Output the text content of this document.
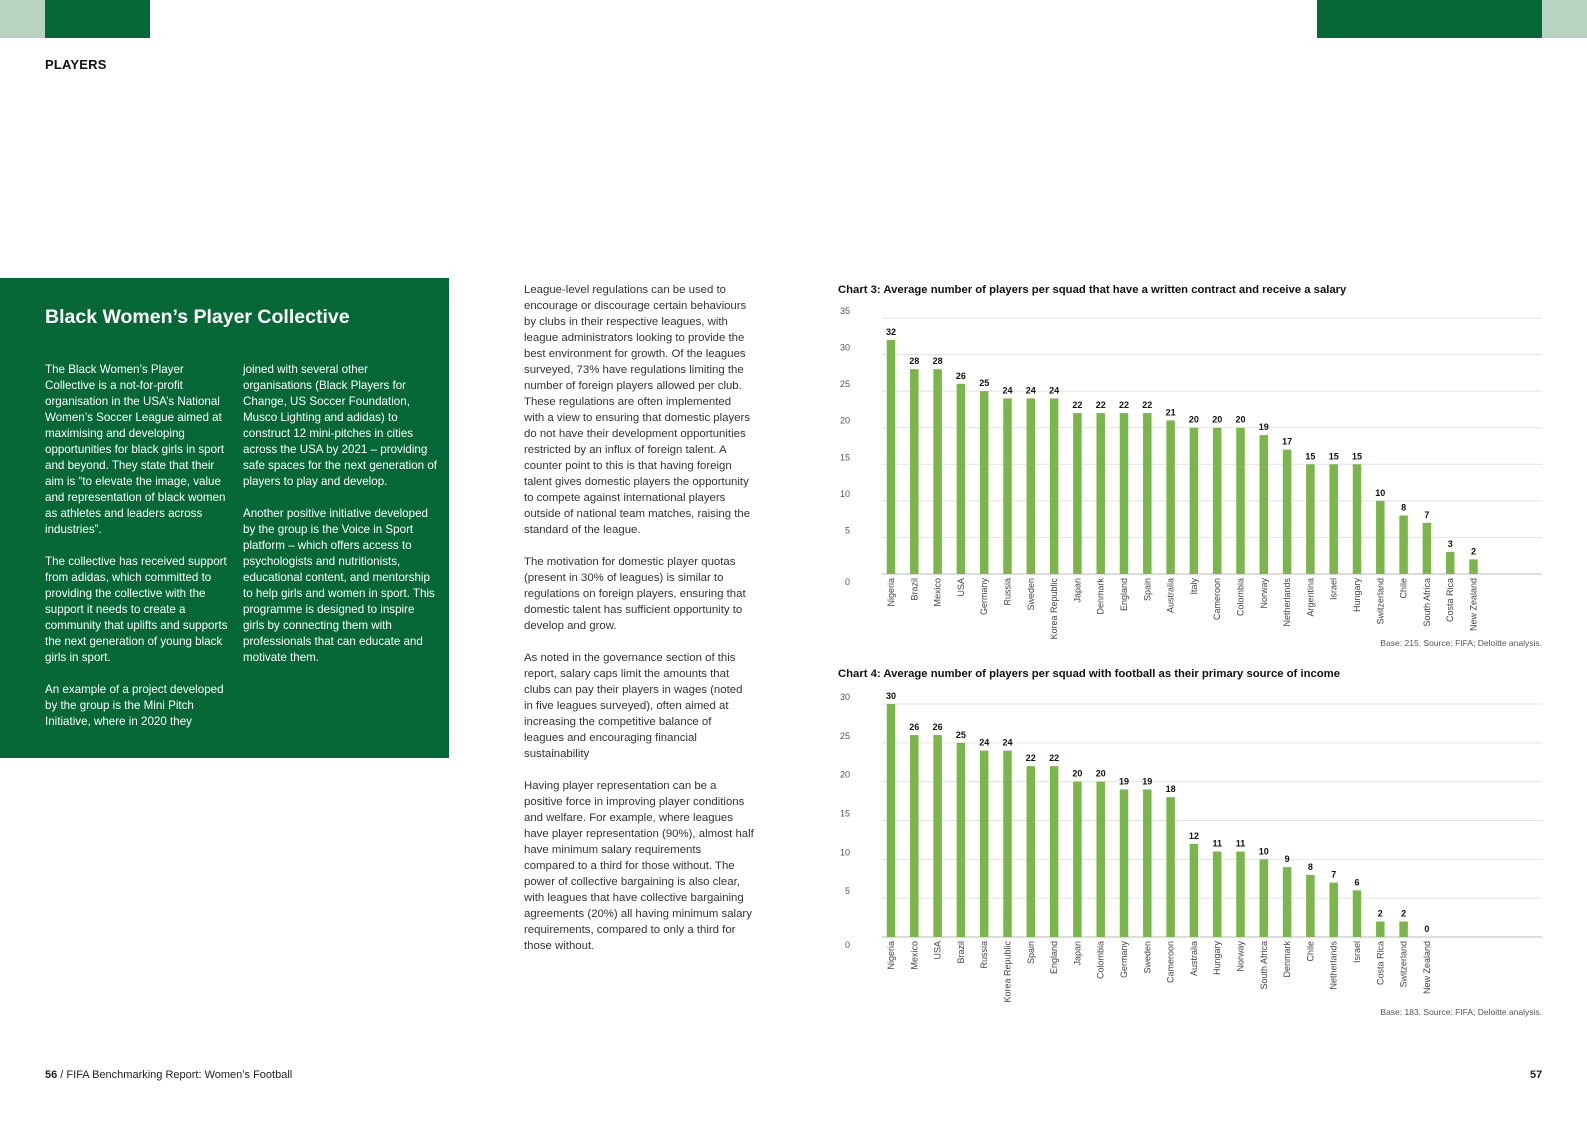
PLAYERS
Black Women’s Player Collective

The Black Women’s Player Collective is a not-for-profit organisation in the USA’s National Women’s Soccer League aimed at maximising and developing opportunities for black girls in sport and beyond. They state that their aim is “to elevate the image, value and representation of black women as athletes and leaders across industries”.

The collective has received support from adidas, which committed to providing the collective with the support it needs to create a community that uplifts and supports the next generation of young black girls in sport.

An example of a project developed by the group is the Mini Pitch Initiative, where in 2020 they

joined with several other organisations (Black Players for Change, US Soccer Foundation, Musco Lighting and adidas) to construct 12 mini-pitches in cities across the USA by 2021 – providing safe spaces for the next generation of players to play and develop.

Another positive initiative developed by the group is the Voice in Sport platform – which offers access to psychologists and nutritionists, educational content, and mentorship to help girls and women in sport. This programme is designed to inspire girls by connecting them with professionals that can educate and motivate them.

League-level regulations can be used to encourage or discourage certain behaviours by clubs in their respective leagues, with league administrators looking to provide the best environment for growth. Of the leagues surveyed, 73% have regulations limiting the number of foreign players allowed per club. These regulations are often implemented with a view to ensuring that domestic players do not have their development opportunities restricted by an influx of foreign talent. A counter point to this is that having foreign talent gives domestic players the opportunity to compete against international players outside of national team matches, raising the standard of the league.

The motivation for domestic player quotas (present in 30% of leagues) is similar to regulations on foreign players, ensuring that domestic talent has sufficient opportunity to develop and grow.

As noted in the governance section of this report, salary caps limit the amounts that clubs can pay their players in wages (noted in five leagues surveyed), often aimed at increasing the competitive balance of leagues and encouraging financial sustainability

Having player representation can be a positive force in improving player conditions and welfare. For example, where leagues have player representation (90%), almost half have minimum salary requirements compared to a third for those without. The power of collective bargaining is also clear, with leagues that have collective bargaining agreements (20%) all having minimum salary requirements, compared to only a third for those without.

Chart 3: Average number of players per squad that have a written contract and receive a salary
0
5
10
15
20
25
30
35
32
Nigeria
28
Brazil
28
Mexico
26
USA
25
Germany
24
Russia
24
Sweden
24
Korea Republic
22
Japan
22
Denmark
22
England
22
Spain
21
Australia
20
Italy
20
Cameroon
20
Colombia
19
Norway
17
Netherlands
15
Argentina
15
Israel
15
Hungary
10
Switzerland
8
Chile
7
South Africa
3
Costa Rica
2
New Zealand
Base: 215. Source: FIFA; Deloitte analysis.
Chart 4: Average number of players per squad with football as their primary source of income
0
5
10
15
20
25
30	30
Nigeria
26
Mexico
26
USA
25
Brazil
24
Russia
24
Korea Republic
22
Spain
22
England
20
Japan
20
Colombia
19
Germany
19
Sweden
18
Cameroon
12
Australia
11
Hungary
11
Norway
10
South Africa
9
Denmark
8
Chile
7
Netherlands
6
Israel
2
Costa Rica
2
Switzerland
0
New Zealand
Base: 183. Source: FIFA; Deloitte analysis.
56 / FIFA Benchmarking Report: Women’s Football	57
